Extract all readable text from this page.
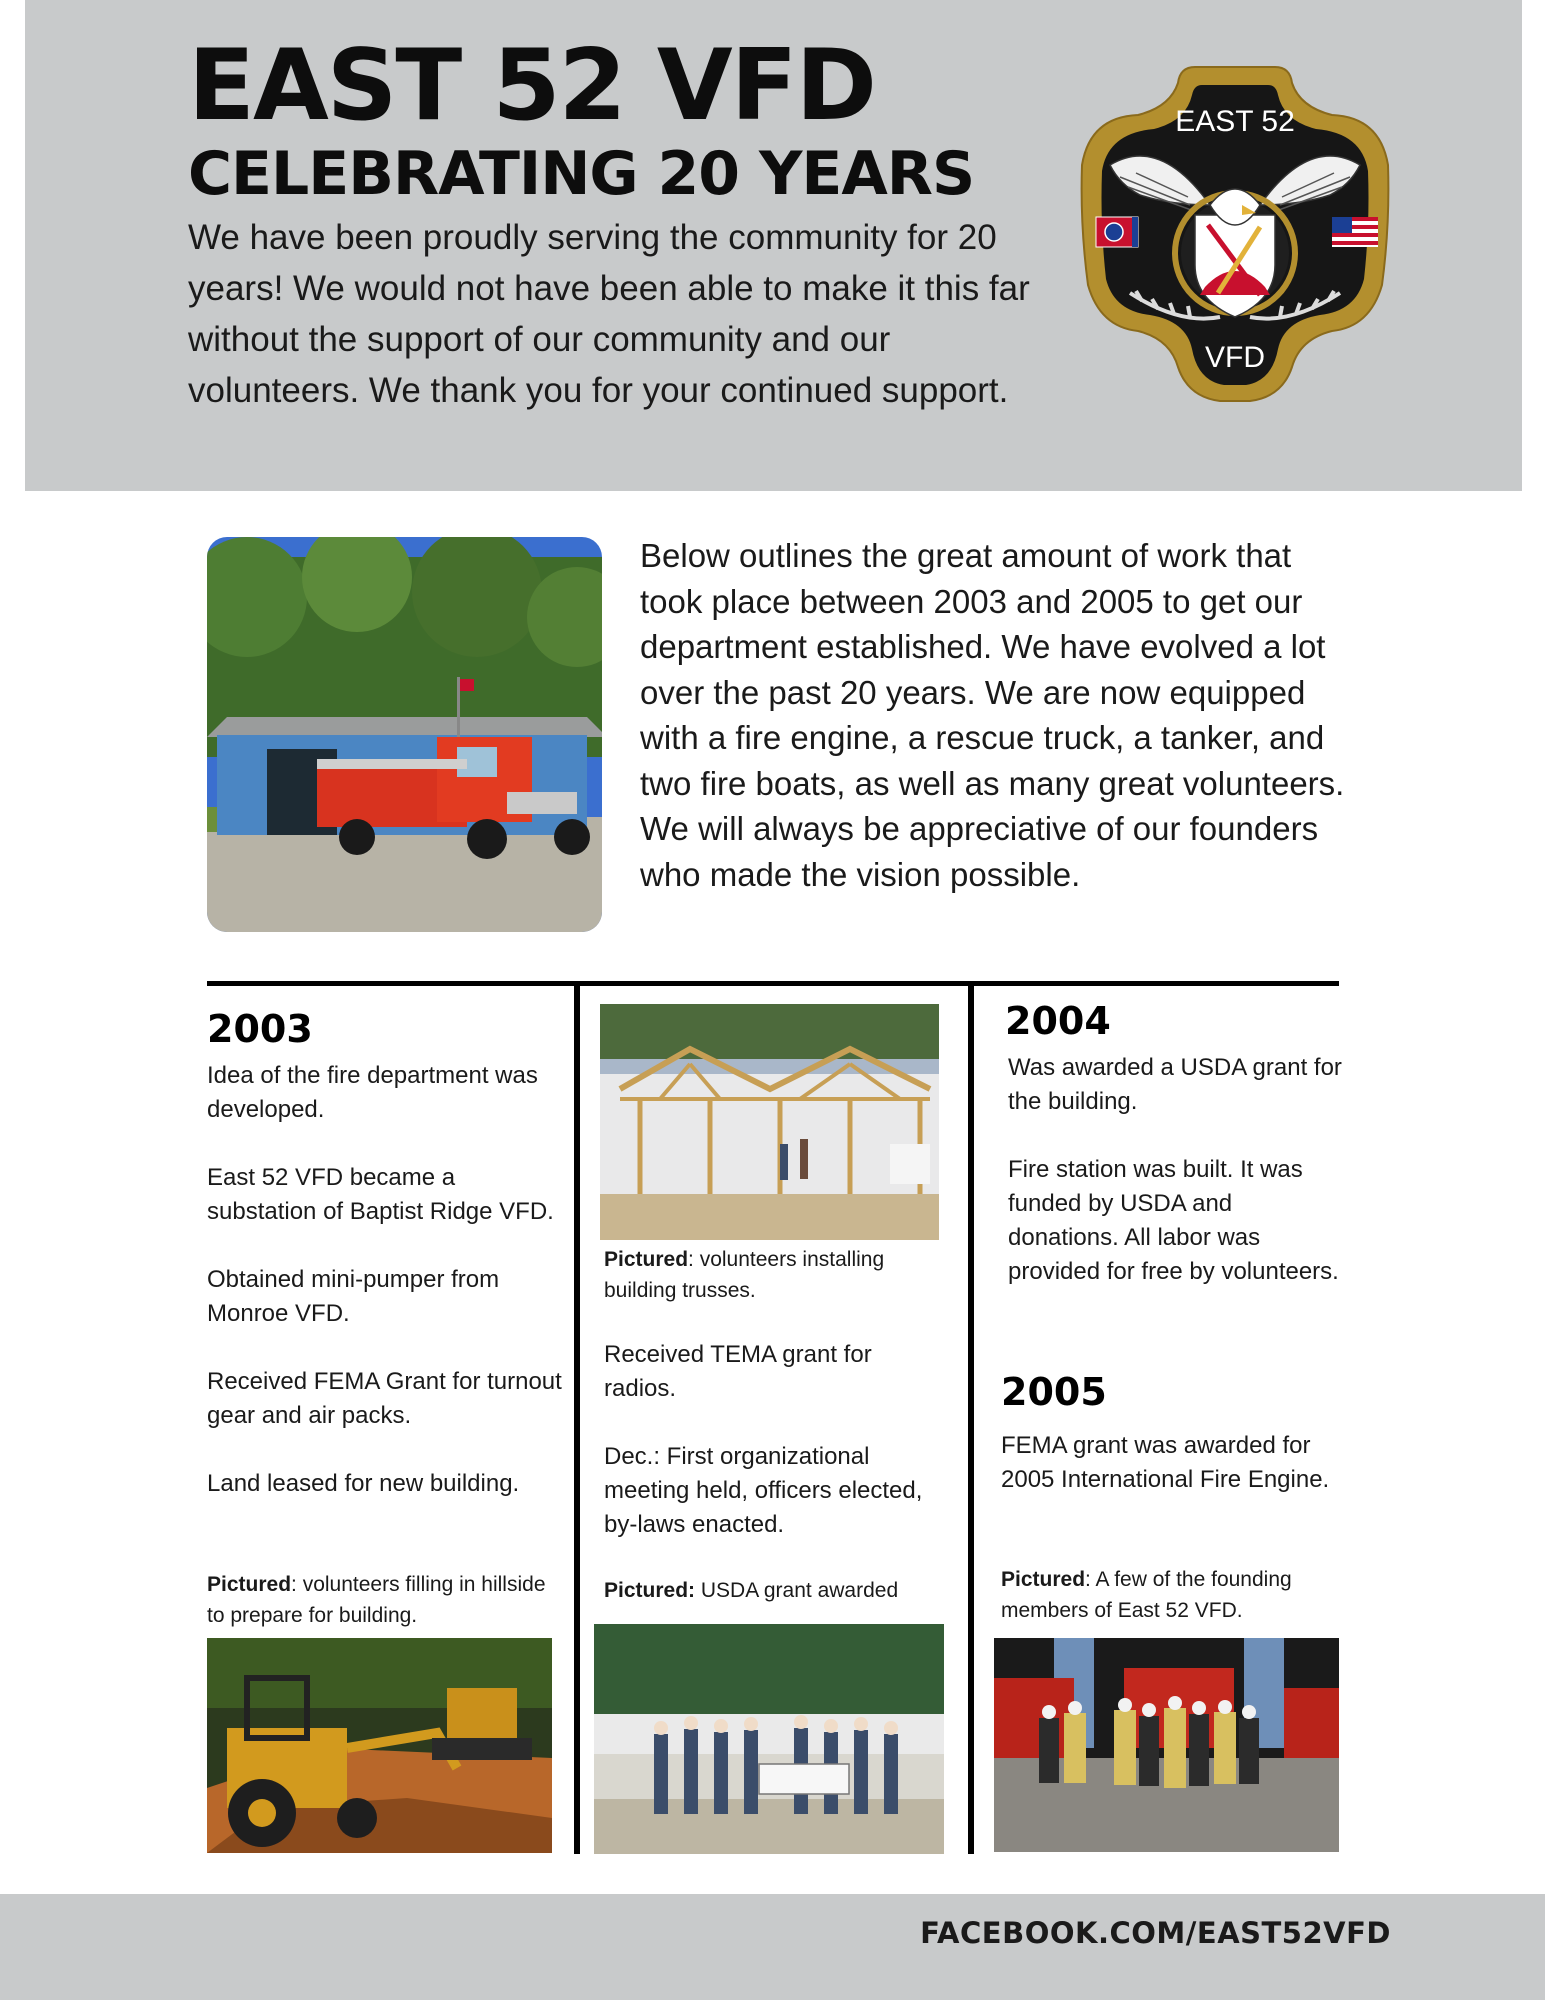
EAST 52 VFD
CELEBRATING 20 YEARS

We have been proudly serving the community for 20 years! We would not have been able to make it this far without the support of our community and our volunteers. We thank you for your continued support.

EAST 52
VFD

Below outlines the great amount of work that took place between 2003 and 2005 to get our department established. We have evolved a lot over the past 20 years. We are now equipped with a fire engine, a rescue truck, a tanker, and two fire boats, as well as many great volunteers. We will always be appreciative of our founders who made the vision possible.

2003

Idea of the fire department was developed.

East 52 VFD became a substation of Baptist Ridge VFD.

Obtained mini-pumper from Monroe VFD.

Received FEMA Grant for turnout gear and air packs.

Land leased for new building.

Pictured: volunteers filling in hillside to prepare for building.

Pictured: volunteers installing building trusses.

Received TEMA grant for radios.

Dec.: First organizational meeting held, officers elected, by-laws enacted.

Pictured: USDA grant awarded

2004

Was awarded a USDA grant for the building.

Fire station was built. It was funded by USDA and donations. All labor was provided for free by volunteers.

2005

FEMA grant was awarded for 2005 International Fire Engine.

Pictured: A few of the founding members of East 52 VFD.

FACEBOOK.COM/EAST52VFD
